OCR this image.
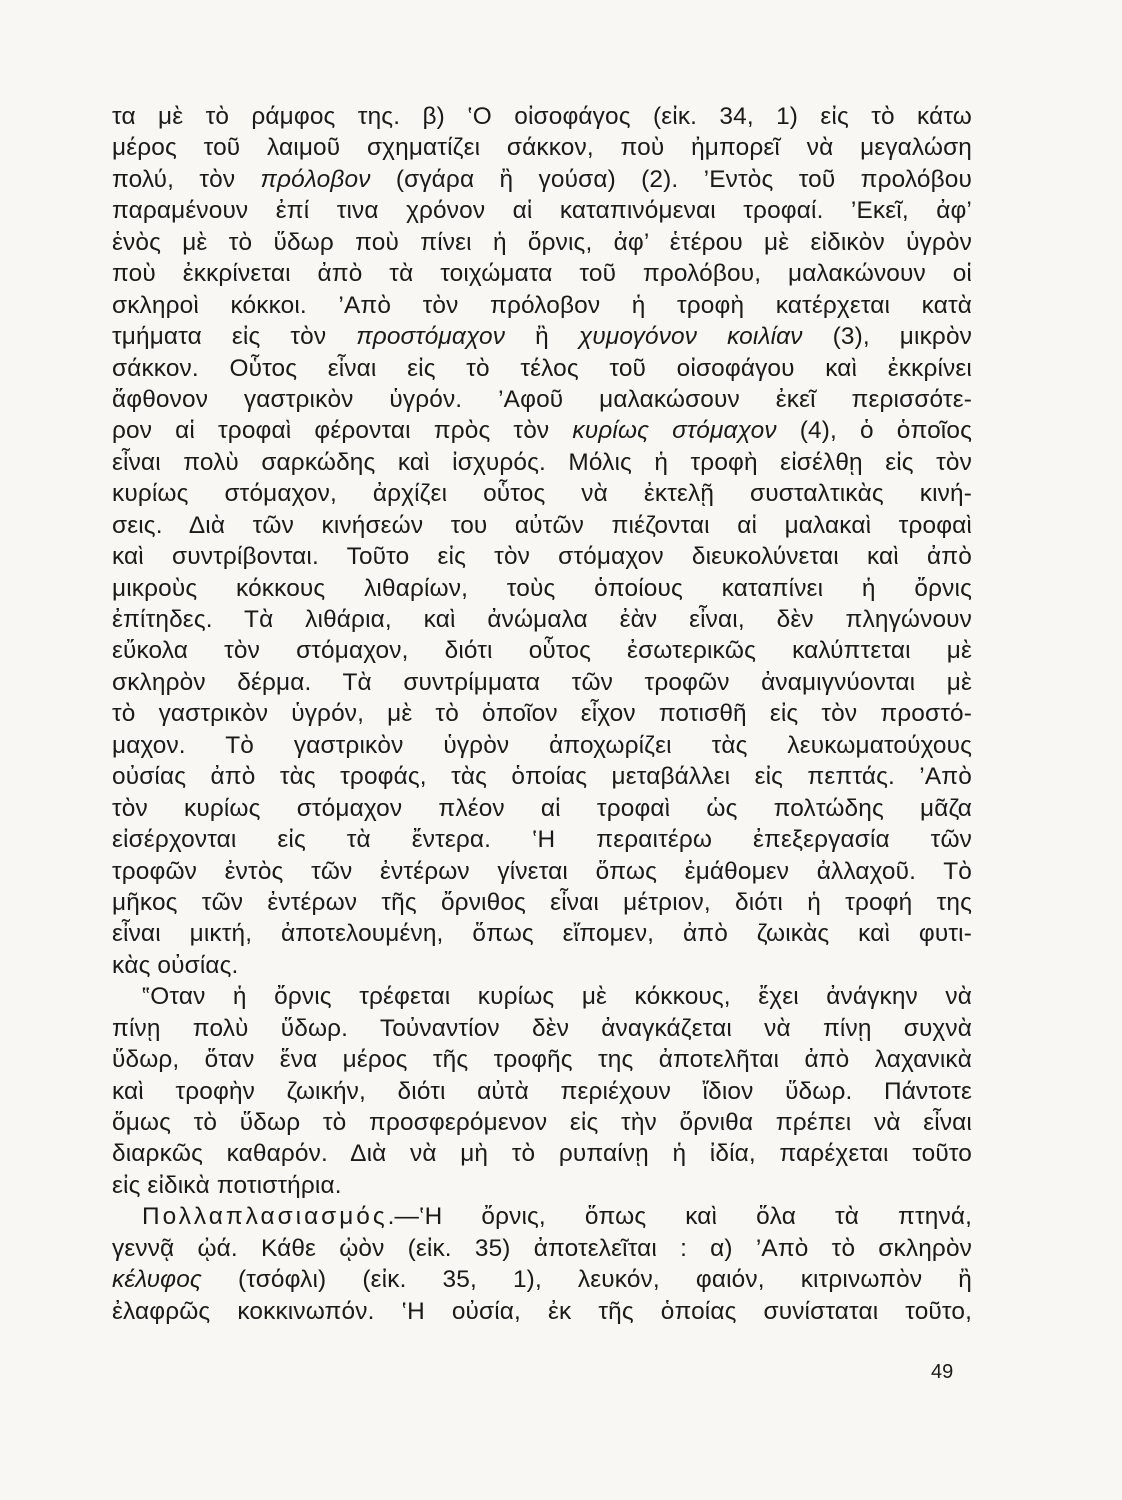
τα μὲ τὸ ράμφος της. β) ‛Ο οἰσοφάγος (εἰκ. 34, 1) εἰς τὸ κάτω
μέρος τοῦ λαιμοῦ σχηματίζει σάκκον, ποὺ ἠμπορεῖ νὰ μεγαλώση
πολύ, τὸν πρόλοβον (σγάρα ἢ γούσα) (2). ’Εντὸς τοῦ προλόβου
παραμένουν ἐπί τινα χρόνον αἱ καταπινόμεναι τροφαί. ’Εκεῖ, ἀφ’
ἑνὸς μὲ τὸ ὕδωρ ποὺ πίνει ἡ ὄρνις, ἀφ’ ἑτέρου μὲ εἰδικὸν ὑγρὸν
ποὺ ἐκκρίνεται ἀπὸ τὰ τοιχώματα τοῦ προλόβου, μαλακώνουν οἱ
σκληροὶ κόκκοι. ’Απὸ τὸν πρόλοβον ἡ τροφὴ κατέρχεται κατὰ
τμήματα εἰς τὸν προστόμαχον ἢ χυμογόνον κοιλίαν (3), μικρὸν
σάκκον. Οὗτος εἶναι εἰς τὸ τέλος τοῦ οἰσοφάγου καὶ ἐκκρίνει
ἄφθονον γαστρικὸν ὑγρόν. ’Αφοῦ μαλακώσουν ἐκεῖ περισσότε-
ρον αἱ τροφαὶ φέρονται πρὸς τὸν κυρίως στόμαχον (4), ὁ ὁποῖος
εἶναι πολὺ σαρκώδης καὶ ἰσχυρός. Μόλις ἡ τροφὴ εἰσέλθῃ εἰς τὸν
κυρίως στόμαχον, ἀρχίζει οὗτος νὰ ἐκτελῇ συσταλτικὰς κινή-
σεις. Διὰ τῶν κινήσεών του αὐτῶν πιέζονται αἱ μαλακαὶ τροφαὶ
καὶ συντρίβονται. Τοῦτο εἰς τὸν στόμαχον διευκολύνεται καὶ ἀπὸ
μικροὺς κόκκους λιθαρίων, τοὺς ὁποίους καταπίνει ἡ ὄρνις
ἐπίτηδες. Τὰ λιθάρια, καὶ ἀνώμαλα ἐὰν εἶναι, δὲν πληγώνουν
εὔκολα τὸν στόμαχον, διότι οὗτος ἐσωτερικῶς καλύπτεται μὲ
σκληρὸν δέρμα. Τὰ συντρίμματα τῶν τροφῶν ἀναμιγνύονται μὲ
τὸ γαστρικὸν ὑγρόν, μὲ τὸ ὁποῖον εἶχον ποτισθῆ εἰς τὸν προστό-
μαχον. Τὸ γαστρικὸν ὑγρὸν ἀποχωρίζει τὰς λευκωματούχους
οὐσίας ἀπὸ τὰς τροφάς, τὰς ὁποίας μεταβάλλει εἰς πεπτάς. ’Απὸ
τὸν κυρίως στόμαχον πλέον αἱ τροφαὶ ὡς πολτώδης μᾶζα
εἰσέρχονται εἰς τὰ ἔντερα. ‛Η περαιτέρω ἐπεξεργασία τῶν
τροφῶν ἐντὸς τῶν ἐντέρων γίνεται ὅπως ἐμάθομεν ἀλλαχοῦ. Τὸ
μῆκος τῶν ἐντέρων τῆς ὄρνιθος εἶναι μέτριον, διότι ἡ τροφή της
εἶναι μικτή, ἀποτελουμένη, ὅπως εἴπομεν, ἀπὸ ζωικὰς καὶ φυτι-
κὰς οὐσίας.
‟Οταν ἡ ὄρνις τρέφεται κυρίως μὲ κόκκους, ἔχει ἀνάγκην νὰ
πίνῃ πολὺ ὕδωρ. Τοὐναντίον δὲν ἀναγκάζεται νὰ πίνῃ συχνὰ
ὕδωρ, ὅταν ἕνα μέρος τῆς τροφῆς της ἀποτελῆται ἀπὸ λαχανικὰ
καὶ τροφὴν ζωικήν, διότι αὐτὰ περιέχουν ἴδιον ὕδωρ. Πάντοτε
ὅμως τὸ ὕδωρ τὸ προσφερόμενον εἰς τὴν ὄρνιθα πρέπει νὰ εἶναι
διαρκῶς καθαρόν. Διὰ νὰ μὴ τὸ ρυπαίνῃ ἡ ἰδία, παρέχεται τοῦτο
εἰς εἰδικὰ ποτιστήρια.
Πολλαπλασιασμός.—‛Η ὄρνις, ὅπως καὶ ὅλα τὰ πτηνά,
γεννᾷ ᾠά. Κάθε ᾠὸν (εἰκ. 35) ἀποτελεῖται : α) ’Απὸ τὸ σκληρὸν
κέλυφος (τσόφλι) (εἰκ. 35, 1), λευκόν, φαιόν, κιτρινωπὸν ἢ
ἐλαφρῶς κοκκινωπόν. ‛Η οὐσία, ἐκ τῆς ὁποίας συνίσταται τοῦτο,
49
